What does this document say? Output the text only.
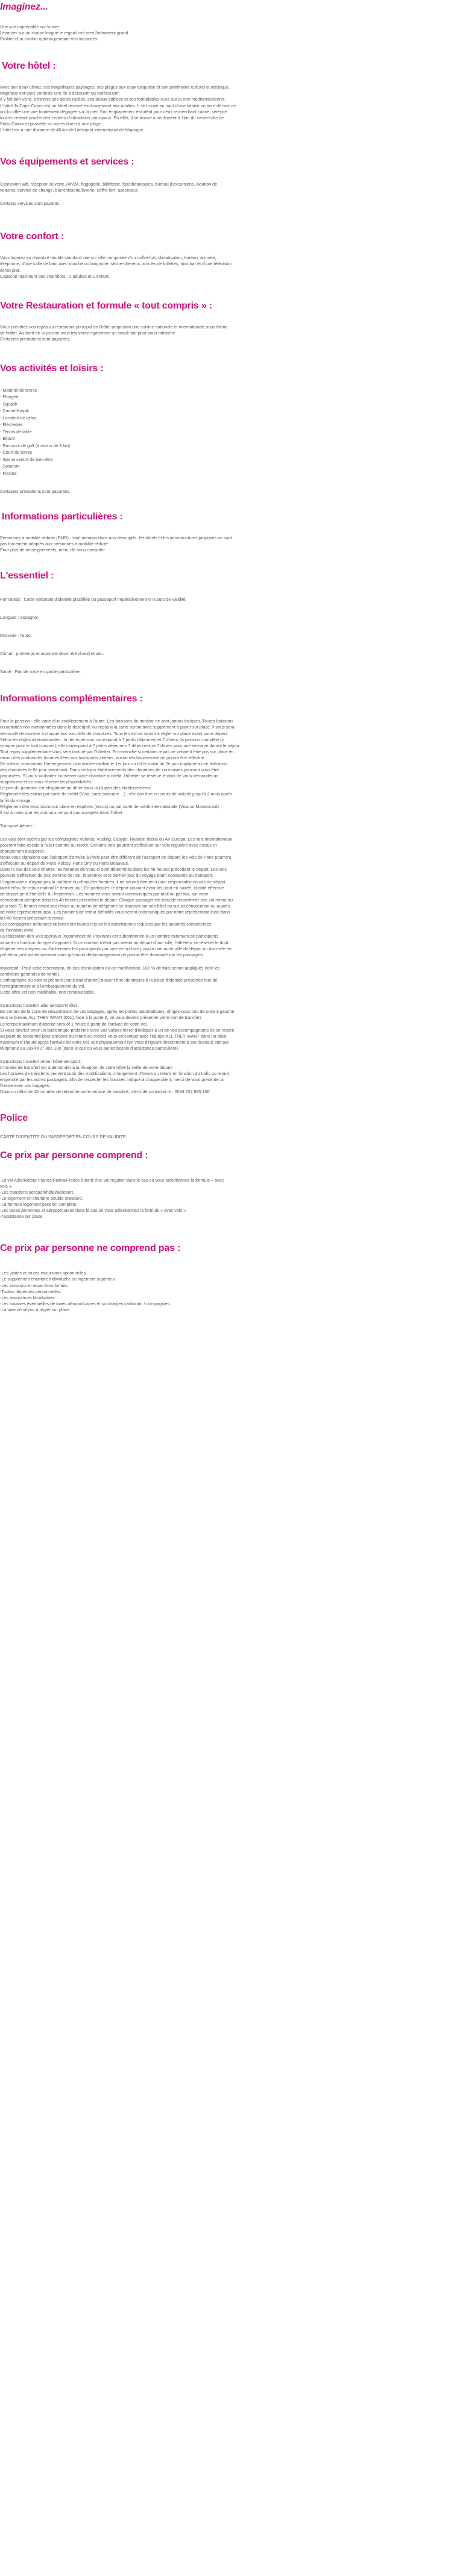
Imaginez...
Une vue imprenable sur la mer
Lézarder sur un chaise longue le regard rivé vers l'infiniment grand
Profiter d'un confort optimal pendant vos vacances
Votre hôtel :
Avec son doux climat, ses magnifiques paysages, ses plages aux eaux turquoise et son patrimoine culturel et artistique,
Majorque est sans conteste une île à découvrir ou redécouvrir.
Il y fait bon vivre, à travers ses belles ruelles, ses beaux édifices et ses formidables vues sur la mer méditerranéenne.
L'hôtel Js Cape Colom est un hôtel réservé exclusivement aux adultes. Il se trouve en haut d'une falaise en bord de mer ce
qui lui offre une vue totalement dégagée sur la mer. Son emplacement est idéal pour ceux recherchant calme, sérénité
tout en restant proche des centres d'attractions principaux. En effet, il se trouve à seulement à 2km du centre-ville de
Porto Colom et possède un accès direct à une plage.
L'hôtel est à une distance de 48 km de l'aéroport international de Majorque.
Vos équipements et services :
Connexion wifi, réception ouverte 24h/24, bagagerie, billetterie, fax/photocopies, bureau d'excursions, location de
voitures, service de change, blanchisserie/laverie, coffre-fort, ascenseur.
Certains services sont payants
Votre confort :
Vous logerez en chambre double standard vue sur ville composée d'un coffre-fort, climatisation, bureau, armoire,
téléphone, d'une salle de bain avec douche ou baignoire, sèche-cheveux, articles de toilettes, mini bar et d'une télévision
écran plat.
Capacité maximum des chambres : 2 adultes et 1 enfant.
Votre Restauration et formule « tout compris » :
Vous prendrez vos repas au restaurant principal de l'hôtel proposant une cuisine nationale et internationale sous forme
de buffet. Au bord de la piscine vous trouverez également un snack-bar pour vous rafraichir.
Certaines prestations sont payantes.
Vos activités et loisirs :
- Matériel de tennis
- Plongée
- Squash
- Canoe-Kayak
- Location de vélos
- Fléchettes
- Tennis de table
- Billard
- Parcours de golf (à moins de 3 km)
- Court de tennis
- Spa et centre de bien-être
- Solarium
- Piscine
Certaines prestations sont payantes.
Informations particulières :
Personnes à mobilité réduite (PMR) : sauf mention dans nos descriptifs, les hôtels et les infrastructures proposés ne sont
pas forcément adaptés aux personnes à mobilité réduite.
Pour plus de renseignements, merci de nous consulter.
L'essentiel :
Formalités : Carte nationale d'identité plastifiée ou passeport impérativement en cours de validité.
Langues : espagnol.
Monnaie : l'euro.
Climat : printemps et automne doux, été chaud et sec.
Santé : Pas de mise en garde particulière.
Informations complémentaires :
Pour la pension : elle varie d'un établissement à l'autre. Les boissons du minibar ne sont jamais incluses. Toutes boissons
ou activités non mentionnées dans le descriptif, ou repas à la carte seront avec supplément à payer sur place. Il vous sera
demandé de montrer à chaque fois vos clefs de chambres. Tous les extras seront à régler sur place avant votre départ.
Selon les règles internationales : la demi-pension correspond à 7 petits déjeuners et 7 dîners, la pension complète (y
compris pour le tout compris), elle correspond à 7 petits déjeuners 7 déjeuners et 7 dîners pour une semaine durant le séjour.
Tout repas supplémentaire vous sera facturé par l'hôtelier. En revanche si certains repas ne peuvent être pris sur place en
raison des contraintes horaires liées aux transports aériens, aucun remboursement ne pourra être effectué.
De même, concernant l'hébergement, une arrivée tardive le 1er jour ou tôt le matin du 2e jour impliquera une libération
des chambres le 8e jour avant midi. Dans certains établissements des chambres de courtoisies pourront vous être
proposées. Si vous souhaitez conserver votre chambre au-delà, l'hôtelier se réserve le droit de vous demander un
supplément et ce sous réserve de disponibilités.
Le port du pantalon est obligatoire au dîner dans la plupart des établissements.
Règlement des extras par carte de crédit (Visa, carte bancaire ...) : elle doit être en cours de validité jusqu'à 2 mois après
la fin du voyage.
Règlement des excursions sur place en espèces (euros) ou par carte de crédit internationale (Visa ou Mastercard).
Il est à noter que les animaux ne sont pas acceptés dans l'hôtel.
Transport Aérien :
Les vols sont opérés par les compagnies Volotea, Vueling, Easyjet, Ryanair, Iberia ou Air Europa. Les vols internationaux
pourront faire escale à l'aller comme au retour. Certains vols pourront s'effectuer sur vols réguliers avec escale et
changement d'appareil.
Nous vous signalons que l'aéroport d'arrivée à Paris peut être différent de l'aéroport de départ, les vols de Paris pourront
s'effectuer au départ de Paris Roissy, Paris Orly ou Paris Beauvais.
Dans le cas des vols charter, les horaires de vous-ci sont déterminés dans les 48 heures précédant le départ. Les vols
peuvent s'effectuer de jour comme de nuit, le premier et le dernier jour du voyage étant consacrés au transport.
L'organisateur n'ayant pas la maîtrise du choix des horaires, il ne saurait être tenu pour responsable en cas de départ
tardif et/ou de retour matinal le dernier jour. En particulier, le départ pouvant avoir lieu tard en soirée, la date effective
de départ peut être celle du lendemain. Les horaires vous seront communiqués par mail ou par fax, sur votre
convocation aéroport dans les 48 heures précédent le départ. Chaque passager est tenu de reconfirmer son vol retour au
plus tard 72 heures avant son retour au numéro de téléphone se trouvant sur son billet ou sur sa convocation ou auprès
de notre représentant local. Les horaires de retour définitifs vous seront communiqués par notre représentant local dans
les 48 heures précédant le retour.
Les compagnies aériennes utilisées ont toutes reçues les autorisations requises par les autorités compétentes
de l'aviation civile.
La réalisation des vols spéciaux (notamment de Province) est subordonnée à un nombre minimum de participants
variant en fonction du type d'appareil. Si ce nombre n'était pas atteint au départ d'une ville, l'affréteur se réserve le droit
d'opérer des moyens ou d'acheminer les participants par voie de surface jusqu'à une autre ville de départ ou d'arrivée en
pré et/ou post acheminement sans qu'aucun dédommagement ne puisse être demandé par les passagers.
Important : Pour cette réservation, en cas d'annulation ou de modification, 100 % de frais seront appliqués (voir les
conditions générales de vente).
L'orthographe du nom et prénom (sans trait d'union) doivent être identiques à la pièce d'identité présentée lors de
l'enregistrement et à l'embarquement du vol.
Cette offre est non modifiable, non remboursable.
Instructions transfert aller aéroport-hôtel :
En sortant de la zone de récupération de vos bagages, après les portes automatiques, dirigez-vous tout de suite à gauche
vers le bureau ALL THEY WANT (061), face à la porte 2, où vous devrez présenter votre bon de transfert.
Le temps maximum d'attente sera of 1 heure à partir de l'arrivée de votre vol.
Si vous devriez avoir un quelconque problème avec vos valises merci d'indiquer à un de vos accompagnants de se rendre
au point de rencontre pour prévenir du retard ou mettez-vous en contact avec l'équipe ALL THEY WANT dans un délai
maximum d'1heure après l'arrivée de votre vol, soit physiquement (en vous dirigeant directement à son bureau) soit par
téléphone au 0034 627 895 100 (dans le cas où vous auriez besoin d'assistance particulière).
Instructions transfert retour hôtel-aéroport :
L'horaire de transfert est à demander à la réception de votre hôtel la veille de votre départ.
Les horaires de transferts peuvent subir des modifications, changement d'heure ou retard en fonction du trafic ou retard
engendré par les autres passagers. Afin de respecter les horaires indiqué à chaque client, merci de vous présenter à
l'heure avec vos bagages.
Dans un délai de 15 minutes de retard de votre service de transfert, merci de contacter le : 0034 627 895 100.
Police
CARTE D'IDENTITE OU PASSEPORT EN COURS DE VALIDITE.
Ce prix par personne comprend :
-Le vol Aller/Retour France/Palma/France à bord d'un vol régulier dans le cas où vous sélectionnez la formule « avec
vols ».
-Les transferts aéroport/hôtel/aéroport.
-Le logement en chambre double standard.
-La formule logement pension complète.
-Les taxes aériennes et aéroportuaires dans le cas où vous sélectionnez la formule « avec vols ».
-l'assistance sur place.
Ce prix par personne ne comprend pas :
-Les visites et toutes excursions optionnelles.
-Le supplément chambre individuelle ou logement supérieur.
-Les boissons et repas hors forfaits.
-Toutes dépenses personnelles.
-Les assurances facultatives.
-Les hausses éventuelles de taxes aéroportuaires et surcharges carburant / compagnies.
-La taxe de séjour à régler sur place.
